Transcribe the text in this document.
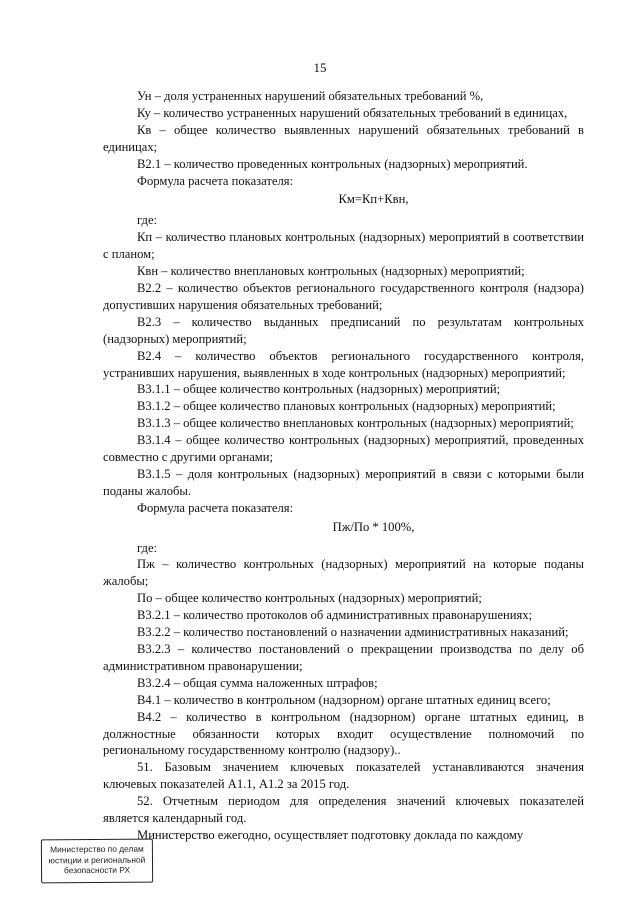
15

Ун – доля устраненных нарушений обязательных требований %,

Ку – количество устраненных нарушений обязательных требований в единицах,

Кв – общее количество выявленных нарушений обязательных требований в единицах;

В2.1 – количество проведенных контрольных (надзорных) мероприятий.

Формула расчета показателя:

Км=Кп+Квн,

где:

Кп – количество плановых контрольных (надзорных) мероприятий в соответствии с планом;

Квн – количество внеплановых контрольных (надзорных) мероприятий;

В2.2 – количество объектов регионального государственного контроля (надзора) допустивших нарушения обязательных требований;

В2.3 – количество выданных предписаний по результатам контрольных (надзорных) мероприятий;

В2.4 – количество объектов регионального государственного контроля, устранивших нарушения, выявленных в ходе контрольных (надзорных) мероприятий;

В3.1.1 – общее количество контрольных (надзорных) мероприятий;

В3.1.2 – общее количество плановых контрольных (надзорных) мероприятий;

В3.1.3 – общее количество внеплановых контрольных (надзорных) мероприятий;

В3.1.4 – общее количество контрольных (надзорных) мероприятий, проведенных совместно с другими органами;

В3.1.5 – доля контрольных (надзорных) мероприятий в связи с которыми были поданы жалобы.

Формула расчета показателя:

Пж/По * 100%,

где:

Пж – количество контрольных (надзорных) мероприятий на которые поданы жалобы;

По – общее количество контрольных (надзорных) мероприятий;

В3.2.1 – количество протоколов об административных правонарушениях;

В3.2.2 – количество постановлений о назначении административных наказаний;

В3.2.3 – количество постановлений о прекращении производства по делу об административном правонарушении;

В3.2.4 – общая сумма наложенных штрафов;

В4.1 – количество в контрольном (надзорном) органе штатных единиц всего;

В4.2 – количество в контрольном (надзорном) органе штатных единиц, в должностные обязанности которых входит осуществление полномочий по региональному государственному контролю (надзору)..

51. Базовым значением ключевых показателей устанавливаются значения ключевых показателей А1.1, А1.2 за 2015 год.

52. Отчетным периодом для определения значений ключевых показателей является календарный год.

Министерство ежегодно, осуществляет подготовку доклада по каждому

Министерство по делам
юстиции и региональной
безопасности РХ
